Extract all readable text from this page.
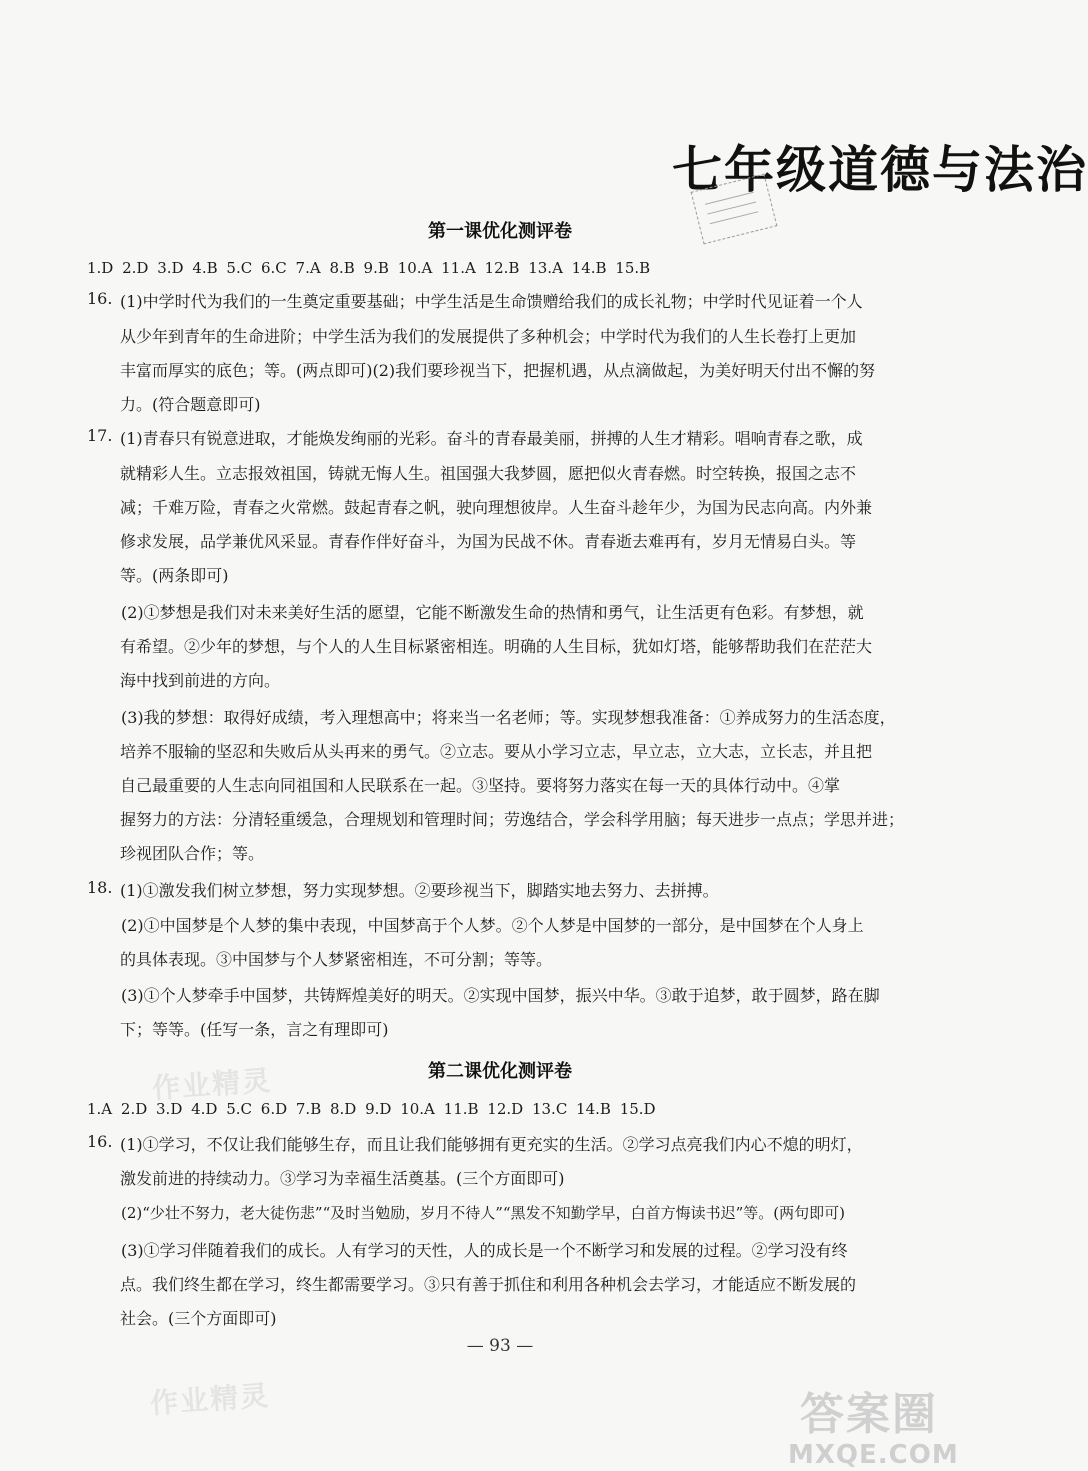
七年级道德与法治
第一课优化测评卷
1.D 2.D 3.D 4.B 5.C 6.C 7.A 8.B 9.B 10.A 11.A 12.B 13.A 14.B 15.B
16. (1)中学时代为我们的一生奠定重要基础；中学生活是生命馈赠给我们的成长礼物；中学时代见证着一个人
从少年到青年的生命进阶；中学生活为我们的发展提供了多种机会；中学时代为我们的人生长卷打上更加
丰富而厚实的底色；等。(两点即可)(2)我们要珍视当下，把握机遇，从点滴做起，为美好明天付出不懈的努
力。(符合题意即可)
17. (1)青春只有锐意进取，才能焕发绚丽的光彩。奋斗的青春最美丽，拼搏的人生才精彩。唱响青春之歌，成
就精彩人生。立志报效祖国，铸就无悔人生。祖国强大我梦圆，愿把似火青春燃。时空转换，报国之志不
减；千难万险，青春之火常燃。鼓起青春之帆，驶向理想彼岸。人生奋斗趁年少，为国为民志向高。内外兼
修求发展，品学兼优风采显。青春作伴好奋斗，为国为民战不休。青春逝去难再有，岁月无情易白头。等
等。(两条即可)
(2)①梦想是我们对未来美好生活的愿望，它能不断激发生命的热情和勇气，让生活更有色彩。有梦想，就
有希望。②少年的梦想，与个人的人生目标紧密相连。明确的人生目标，犹如灯塔，能够帮助我们在茫茫大
海中找到前进的方向。
(3)我的梦想：取得好成绩，考入理想高中；将来当一名老师；等。实现梦想我准备：①养成努力的生活态度，
培养不服输的坚忍和失败后从头再来的勇气。②立志。要从小学习立志，早立志，立大志，立长志，并且把
自己最重要的人生志向同祖国和人民联系在一起。③坚持。要将努力落实在每一天的具体行动中。④掌
握努力的方法：分清轻重缓急，合理规划和管理时间；劳逸结合，学会科学用脑；每天进步一点点；学思并进；
珍视团队合作；等。
18. (1)①激发我们树立梦想，努力实现梦想。②要珍视当下，脚踏实地去努力、去拼搏。
(2)①中国梦是个人梦的集中表现，中国梦高于个人梦。②个人梦是中国梦的一部分，是中国梦在个人身上
的具体表现。③中国梦与个人梦紧密相连，不可分割；等等。
(3)①个人梦牵手中国梦，共铸辉煌美好的明天。②实现中国梦，振兴中华。③敢于追梦，敢于圆梦，路在脚
下；等等。(任写一条，言之有理即可)
作业精灵	第二课优化测评卷
1.A 2.D 3.D 4.D 5.C 6.D 7.B 8.D 9.D 10.A 11.B 12.D 13.C 14.B 15.D
16. (1)①学习，不仅让我们能够生存，而且让我们能够拥有更充实的生活。②学习点亮我们内心不熄的明灯，
激发前进的持续动力。③学习为幸福生活奠基。(三个方面即可)
(2)“少壮不努力，老大徒伤悲”“及时当勉励，岁月不待人”“黑发不知勤学早，白首方悔读书迟”等。(两句即可)
(3)①学习伴随着我们的成长。人有学习的天性，人的成长是一个不断学习和发展的过程。②学习没有终
点。我们终生都在学习，终生都需要学习。③只有善于抓住和利用各种机会去学习，才能适应不断发展的
社会。(三个方面即可)
— 93 —
作业精灵	答案圈
MXQE.COM
